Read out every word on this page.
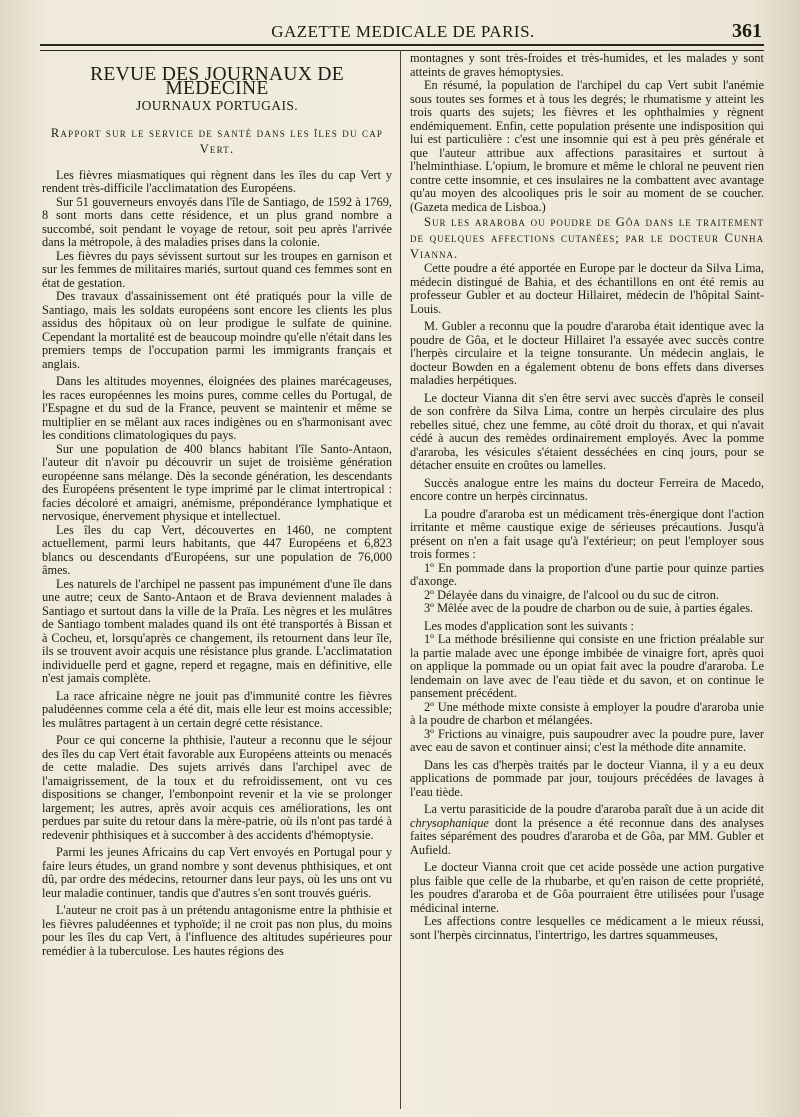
GAZETTE MEDICALE DE PARIS.	361
REVUE DES JOURNAUX DE MEDECINE
JOURNAUX PORTUGAIS.
Rapport sur le service de santé dans les îles du cap Vert.

Les fièvres miasmatiques qui règnent dans les îles du cap Vert y rendent très-difficile l'acclimatation des Européens.

Sur 51 gouverneurs envoyés dans l'île de Santiago, de 1592 à 1769, 8 sont morts dans cette résidence, et un plus grand nombre a succombé, soit pendant le voyage de retour, soit peu après l'arrivée dans la métropole, à des maladies prises dans la colonie.

Les fièvres du pays sévissent surtout sur les troupes en garnison et sur les femmes de militaires mariés, surtout quand ces femmes sont en état de gestation.

Des travaux d'assainissement ont été pratiqués pour la ville de Santiago, mais les soldats européens sont encore les clients les plus assidus des hôpitaux où on leur prodigue le sulfate de quinine. Cependant la mortalité est de beaucoup moindre qu'elle n'était dans les premiers temps de l'occupation parmi les immigrants français et anglais.

Dans les altitudes moyennes, éloignées des plaines marécageuses, les races européennes les moins pures, comme celles du Portugal, de l'Espagne et du sud de la France, peuvent se maintenir et même se multiplier en se mêlant aux races indigènes ou en s'harmonisant avec les conditions climatologiques du pays.

Sur une population de 400 blancs habitant l'île Santo-Antaon, l'auteur dit n'avoir pu découvrir un sujet de troisième génération européenne sans mélange. Dès la seconde génération, les descendants des Européens présentent le type imprimé par le climat intertropical : facies décoloré et amaigri, anémisme, prépondérance lymphatique et nervosique, énervement physique et intellectuel.

Les îles du cap Vert, découvertes en 1460, ne comptent actuellement, parmi leurs habitants, que 447 Européens et 6,823 blancs ou descendants d'Européens, sur une population de 76,000 âmes.

Les naturels de l'archipel ne passent pas impunément d'une île dans une autre; ceux de Santo-Antaon et de Brava deviennent malades à Santiago et surtout dans la ville de la Praïa. Les nègres et les mulâtres de Santiago tombent malades quand ils ont été transportés à Bissan et à Cocheu, et, lorsqu'après ce changement, ils retournent dans leur île, ils se trouvent avoir acquis une résistance plus grande. L'acclimatation individuelle perd et gagne, reperd et regagne, mais en définitive, elle n'est jamais complète.

La race africaine nègre ne jouit pas d'immunité contre les fièvres paludéennes comme cela a été dit, mais elle leur est moins accessible; les mulâtres partagent à un certain degré cette résistance.

Pour ce qui concerne la phthisie, l'auteur a reconnu que le séjour des îles du cap Vert était favorable aux Européens atteints ou menacés de cette maladie. Des sujets arrivés dans l'archipel avec de l'amaigrissement, de la toux et du refroidissement, ont vu ces dispositions se changer, l'embonpoint revenir et la vie se prolonger largement; les autres, après avoir acquis ces améliorations, les ont perdues par suite du retour dans la mère-patrie, où ils n'ont pas tardé à redevenir phthisiques et à succomber à des accidents d'hémoptysie.

Parmi les jeunes Africains du cap Vert envoyés en Portugal pour y faire leurs études, un grand nombre y sont devenus phthisiques, et ont dû, par ordre des médecins, retourner dans leur pays, où les uns ont vu leur maladie continuer, tandis que d'autres s'en sont trouvés guéris.

L'auteur ne croit pas à un prétendu antagonisme entre la phthisie et les fièvres paludéennes et typhoïde; il ne croit pas non plus, du moins pour les îles du cap Vert, à l'influence des altitudes supérieures pour remédier à la tuberculose. Les hautes régions des

montagnes y sont très-froides et très-humides, et les malades y sont atteints de graves hémoptysies.

En résumé, la population de l'archipel du cap Vert subit l'anémie sous toutes ses formes et à tous les degrés; le rhumatisme y atteint les trois quarts des sujets; les fièvres et les ophthalmies y règnent endémiquement. Enfin, cette population présente une indisposition qui lui est particulière : c'est une insomnie qui est à peu près générale et que l'auteur attribue aux affections parasitaires et surtout à l'helminthiase. L'opium, le bromure et même le chloral ne peuvent rien contre cette insomnie, et ces insulaires ne la combattent avec avantage qu'au moyen des alcooliques pris le soir au moment de se coucher. (Gazeta medica de Lisboa.)

Sur les araroba ou poudre de Gôa dans le traitement de quelques affections cutanées; par le docteur Cunha Vianna.

Cette poudre a été apportée en Europe par le docteur da Silva Lima, médecin distingué de Bahia, et des échantillons en ont été remis au professeur Gubler et au docteur Hillairet, médecin de l'hôpital Saint-Louis.

M. Gubler a reconnu que la poudre d'araroba était identique avec la poudre de Gôa, et le docteur Hillairet l'a essayée avec succès contre l'herpès circulaire et la teigne tonsurante. Un médecin anglais, le docteur Bowden en a également obtenu de bons effets dans diverses maladies herpétiques.

Le docteur Vianna dit s'en être servi avec succès d'après le conseil de son confrère da Silva Lima, contre un herpès circulaire des plus rebelles situé, chez une femme, au côté droit du thorax, et qui n'avait cédé à aucun des remèdes ordinairement employés. Avec la pomme d'araroba, les vésicules s'étaient desséchées en cinq jours, pour se détacher ensuite en croûtes ou lamelles.

Succès analogue entre les mains du docteur Ferreira de Macedo, encore contre un herpès circinnatus.

La poudre d'araroba est un médicament très-énergique dont l'action irritante et même caustique exige de sérieuses précautions. Jusqu'à présent on n'en a fait usage qu'à l'extérieur; on peut l'employer sous trois formes :

1º En pommade dans la proportion d'une partie pour quinze parties d'axonge.

2º Délayée dans du vinaigre, de l'alcool ou du suc de citron.

3º Mêlée avec de la poudre de charbon ou de suie, à parties égales.

Les modes d'application sont les suivants :

1º La méthode brésilienne qui consiste en une friction préalable sur la partie malade avec une éponge imbibée de vinaigre fort, après quoi on applique la pommade ou un opiat fait avec la poudre d'araroba. Le lendemain on lave avec de l'eau tiède et du savon, et on continue le pansement précédent.

2º Une méthode mixte consiste à employer la poudre d'araroba unie à la poudre de charbon et mélangées.

3º Frictions au vinaigre, puis saupoudrer avec la poudre pure, laver avec eau de savon et continuer ainsi; c'est la méthode dite annamite.

Dans les cas d'herpès traités par le docteur Vianna, il y a eu deux applications de pommade par jour, toujours précédées de lavages à l'eau tiède.

La vertu parasiticide de la poudre d'araroba paraît due à un acide dit chrysophanique dont la présence a été reconnue dans des analyses faites séparément des poudres d'araroba et de Gôa, par MM. Gubler et Aufield.

Le docteur Vianna croit que cet acide possède une action purgative plus faible que celle de la rhubarbe, et qu'en raison de cette propriété, les poudres d'araroba et de Gôa pourraient être utilisées pour l'usage médicinal interne.

Les affections contre lesquelles ce médicament a le mieux réussi, sont l'herpès circinnatus, l'intertrigo, les dartres squammeuses,
